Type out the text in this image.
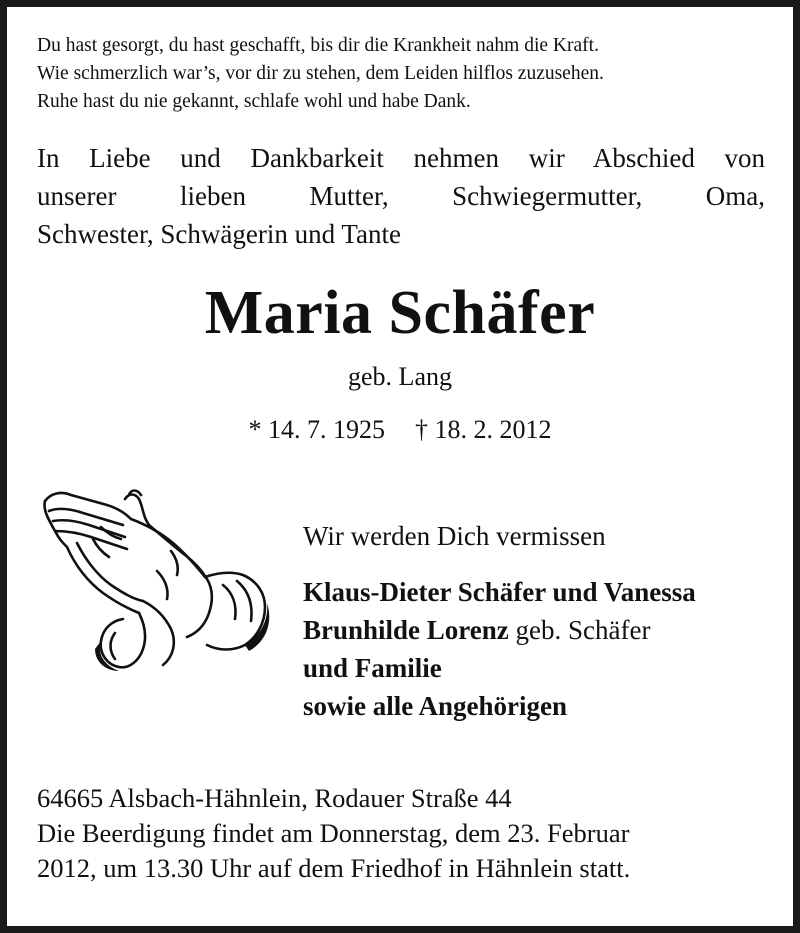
Du hast gesorgt, du hast geschafft, bis dir die Krankheit nahm die Kraft.
Wie schmerzlich war’s, vor dir zu stehen, dem Leiden hilflos zuzusehen.
Ruhe hast du nie gekannt, schlafe wohl und habe Dank.
In Liebe und Dankbarkeit nehmen wir Abschied von
unserer lieben Mutter, Schwiegermutter, Oma,
Schwester, Schwägerin und Tante
Maria Schäfer
geb. Lang
* 14. 7. 1925 † 18. 2. 2012
Wir werden Dich vermissen
Klaus-Dieter Schäfer und Vanessa
Brunhilde Lorenz geb. Schäfer
und Familie
sowie alle Angehörigen
64665 Alsbach-Hähnlein, Rodauer Straße 44
Die Beerdigung findet am Donnerstag, dem 23. Februar
2012, um 13.30 Uhr auf dem Friedhof in Hähnlein statt.
